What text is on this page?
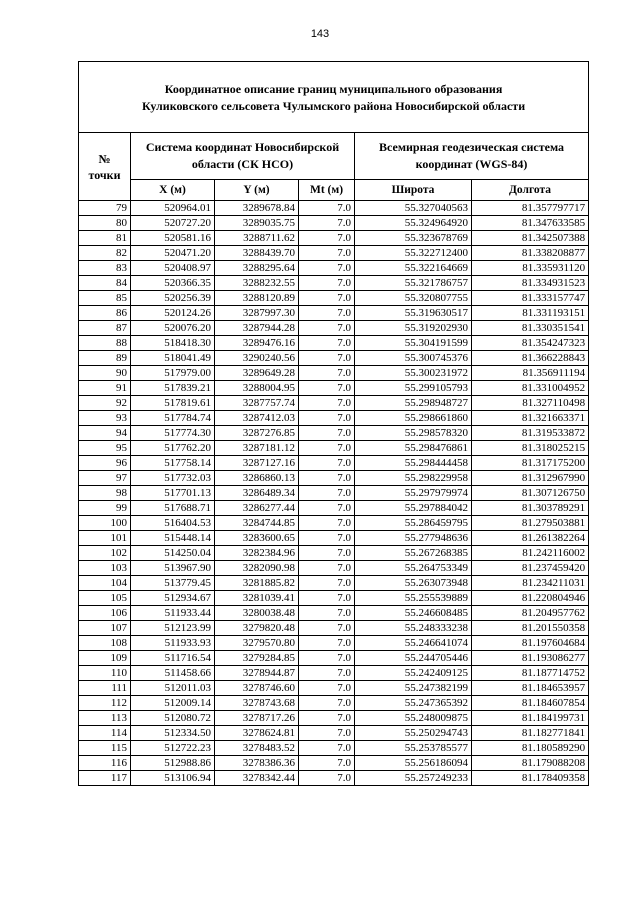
143
Координатное описание границ муниципального образования
Куликовского сельсовета Чулымского района Новосибирской области					

№
точки	Система координат Новосибирской
области (СК НСО)			Всемирная геодезическая система
координат (WGS-84)	

	X (м)	Y (м)	Mt (м)	Широта	Долгота
79	520964.01	3289678.84	7.0	55.327040563	81.357797717
80	520727.20	3289035.75	7.0	55.324964920	81.347633585
81	520581.16	3288711.62	7.0	55.323678769	81.342507388
82	520471.20	3288439.70	7.0	55.322712400	81.338208877
83	520408.97	3288295.64	7.0	55.322164669	81.335931120
84	520366.35	3288232.55	7.0	55.321786757	81.334931523
85	520256.39	3288120.89	7.0	55.320807755	81.333157747
86	520124.26	3287997.30	7.0	55.319630517	81.331193151
87	520076.20	3287944.28	7.0	55.319202930	81.330351541
88	518418.30	3289476.16	7.0	55.304191599	81.354247323
89	518041.49	3290240.56	7.0	55.300745376	81.366228843
90	517979.00	3289649.28	7.0	55.300231972	81.356911194
91	517839.21	3288004.95	7.0	55.299105793	81.331004952
92	517819.61	3287757.74	7.0	55.298948727	81.327110498
93	517784.74	3287412.03	7.0	55.298661860	81.321663371
94	517774.30	3287276.85	7.0	55.298578320	81.319533872
95	517762.20	3287181.12	7.0	55.298476861	81.318025215
96	517758.14	3287127.16	7.0	55.298444458	81.317175200
97	517732.03	3286860.13	7.0	55.298229958	81.312967990
98	517701.13	3286489.34	7.0	55.297979974	81.307126750
99	517688.71	3286277.44	7.0	55.297884042	81.303789291
100	516404.53	3284744.85	7.0	55.286459795	81.279503881
101	515448.14	3283600.65	7.0	55.277948636	81.261382264
102	514250.04	3282384.96	7.0	55.267268385	81.242116002
103	513967.90	3282090.98	7.0	55.264753349	81.237459420
104	513779.45	3281885.82	7.0	55.263073948	81.234211031
105	512934.67	3281039.41	7.0	55.255539889	81.220804946
106	511933.44	3280038.48	7.0	55.246608485	81.204957762
107	512123.99	3279820.48	7.0	55.248333238	81.201550358
108	511933.93	3279570.80	7.0	55.246641074	81.197604684
109	511716.54	3279284.85	7.0	55.244705446	81.193086277
110	511458.66	3278944.87	7.0	55.242409125	81.187714752
111	512011.03	3278746.60	7.0	55.247382199	81.184653957
112	512009.14	3278743.68	7.0	55.247365392	81.184607854
113	512080.72	3278717.26	7.0	55.248009875	81.184199731
114	512334.50	3278624.81	7.0	55.250294743	81.182771841
115	512722.23	3278483.52	7.0	55.253785577	81.180589290
116	512988.86	3278386.36	7.0	55.256186094	81.179088208
117	513106.94	3278342.44	7.0	55.257249233	81.178409358
